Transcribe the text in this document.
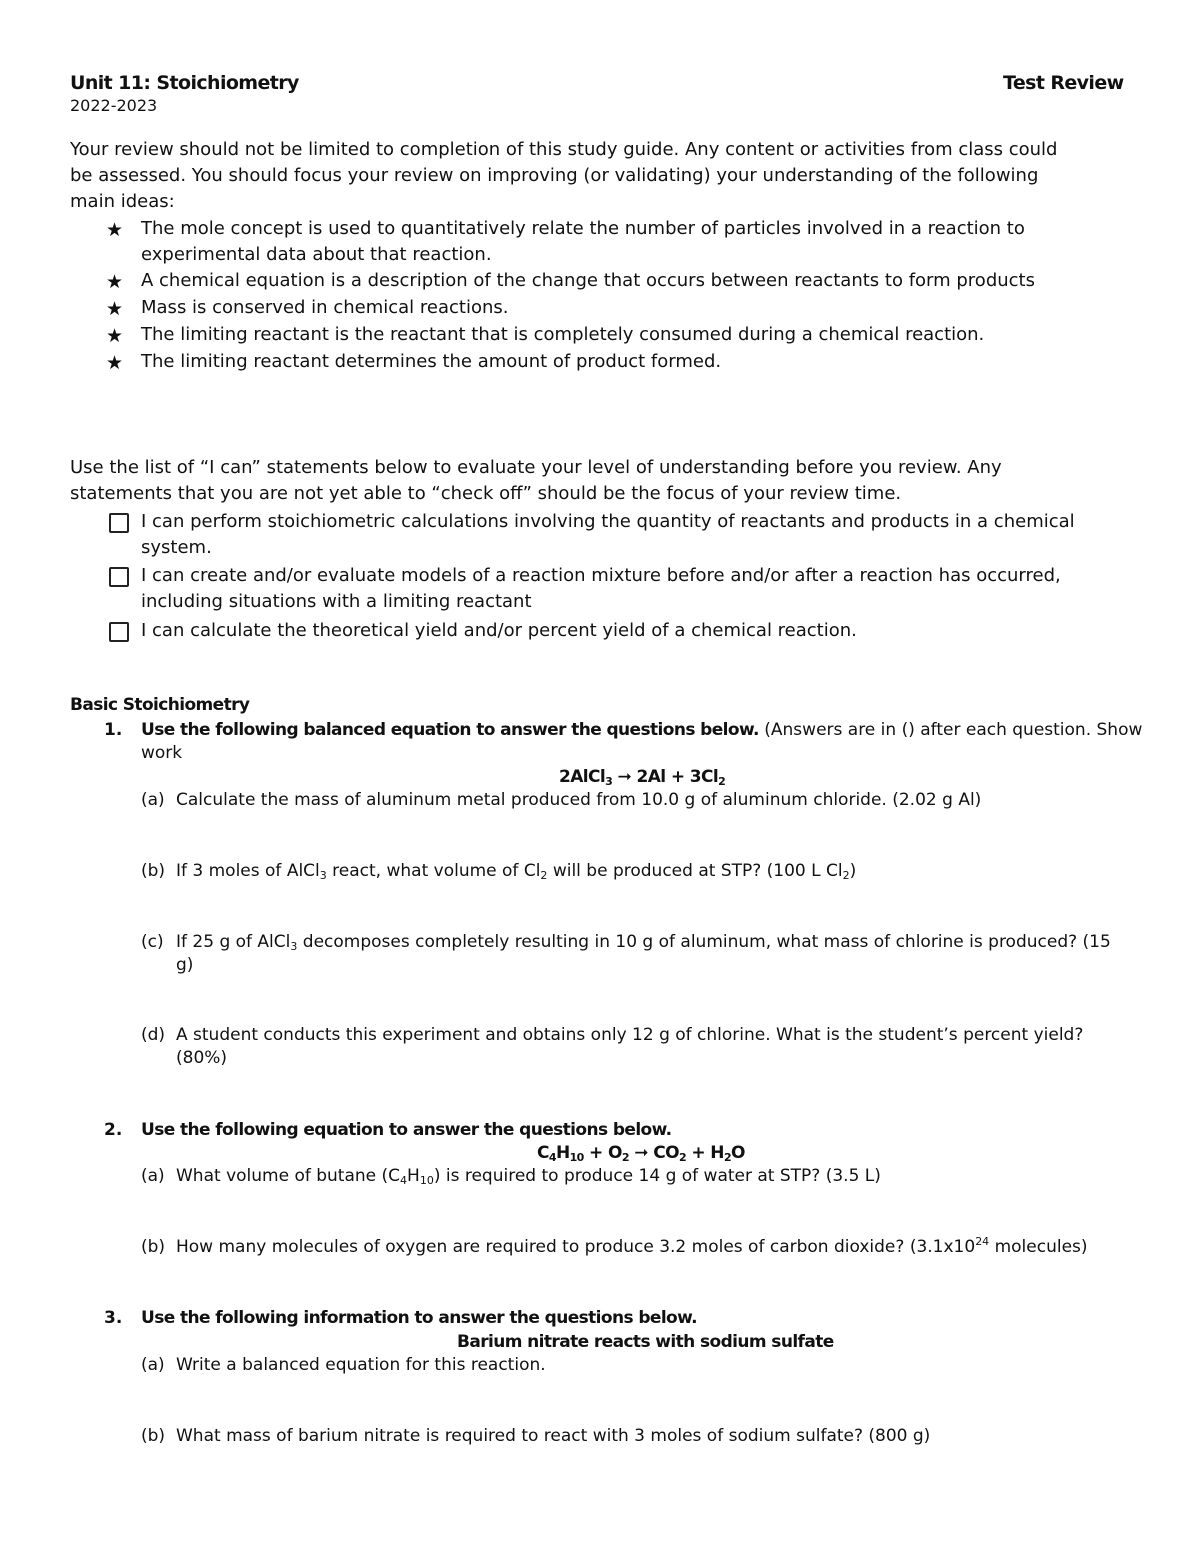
Unit 11: Stoichiometry	Test Review
2022-2023
Your review should not be limited to completion of this study guide. Any content or activities from class could
be assessed. You should focus your review on improving (or validating) your understanding of the following
main ideas:
★ The mole concept is used to quantitatively relate the number of particles involved in a reaction to
experimental data about that reaction.
★ A chemical equation is a description of the change that occurs between reactants to form products
★ Mass is conserved in chemical reactions.
★ The limiting reactant is the reactant that is completely consumed during a chemical reaction.
★ The limiting reactant determines the amount of product formed.
Use the list of “I can” statements below to evaluate your level of understanding before you review. Any
statements that you are not yet able to “check off” should be the focus of your review time.
I can perform stoichiometric calculations involving the quantity of reactants and products in a chemical
system.
I can create and/or evaluate models of a reaction mixture before and/or after a reaction has occurred,
including situations with a limiting reactant
I can calculate the theoretical yield and/or percent yield of a chemical reaction.
Basic Stoichiometry
1. Use the following balanced equation to answer the questions below. (Answers are in () after each question. Show
work
2AlCl$_3$ ➞ $2Al + 3Cl_2$
(a) Calculate the mass of aluminum metal produced from 10.0 g of aluminum chloride. (2.02 g Al)
(b) If 3 moles of AlCl$_3$ react, what volume of $Cl_2$ will be produced at STP? (100 L $Cl_2$)
(c) If 25 g of AlCl$_3$ decomposes completely resulting in 10 g of aluminum, what mass of chlorine is produced? (15
g)
(d) A student conducts this experiment and obtains only 12 g of chlorine. What is the student’s percent yield?
(80%)
2. Use the following equation to answer the questions below.
$C_4H_{10} + O_2$ ➞ $CO_2 + H_2O$
(a) What volume of butane $(C_4H_{10})$ is required to produce 14 g of water at STP? (3.5 L)
(b) How many molecules of oxygen are required to produce 3.2 moles of carbon dioxide? ($3.1x10^{24}$ molecules)
3. Use the following information to answer the questions below.
Barium nitrate reacts with sodium sulfate
(a) Write a balanced equation for this reaction.
(b) What mass of barium nitrate is required to react with 3 moles of sodium sulfate? (800 g)
